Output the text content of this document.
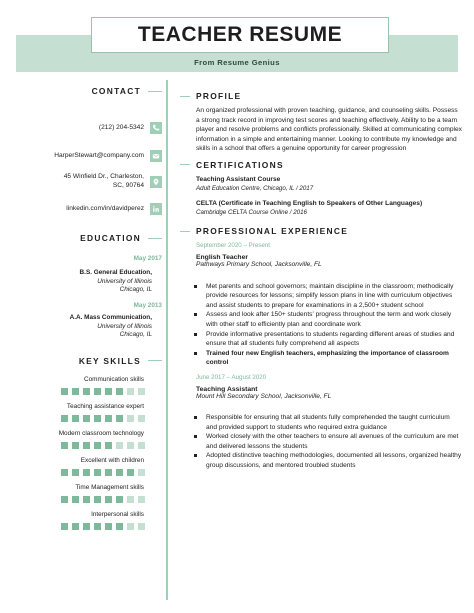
TEACHER RESUME
From Resume Genius
CONTACT
(212) 204-5342
HarperStewart@company.com
45 Winfield Dr., Charleston,
SC, 90764
linkedin.com/in/davidperez
EDUCATION
May 2017
B.S. General Education,
University of Illinois
Chicago, IL
May 2013
A.A. Mass Communication,
University of Illinois
Chicago, IL
KEY SKILLS
Communication skills
Teaching assistance expert
Modern classroom technology
Excellent with children
Time Management skills
Interpersonal skills
PROFILE
An organized professional with proven teaching, guidance, and counseling skills. Possess a strong track record in improving test scores and teaching effectively. Ability to be a team player and resolve problems and conflicts professionally. Skilled at communicating complex information in a simple and entertaining manner. Looking to contribute my knowledge and skills in a school that offers a genuine opportunity for career progression
CERTIFICATIONS
Teaching Assistant Course
Adult Education Centre, Chicago, IL / 2017
CELTA (Certificate in Teaching English to Speakers of Other Languages)
Cambridge CELTA Course Online / 2016
PROFESSIONAL EXPERIENCE
September 2020 – Present
English Teacher
Pathways Primary School, Jacksonville, FL
Met parents and school governors; maintain discipline in the classroom; methodically provide resources for lessons; simplify lesson plans in line with curriculum objectives and assist students to prepare for examinations in a 2,500+ student school
Assess and look after 150+ students' progress throughout the term and work closely with other staff to efficiently plan and coordinate work
Provide informative presentations to students regarding different areas of studies and ensure that all students fully comprehend all aspects
Trained four new English teachers, emphasizing the importance of classroom control
June 2017 – August 2020
Teaching Assistant
Mount Hill Secondary School, Jacksonville, FL
Responsible for ensuring that all students fully comprehended the taught curriculum and provided support to students who required extra guidance
Worked closely with the other teachers to ensure all avenues of the curriculum are met and delivered lessons the students
Adopted distinctive teaching methodologies, documented all lessons, organized healthy group discussions, and mentored troubled students
